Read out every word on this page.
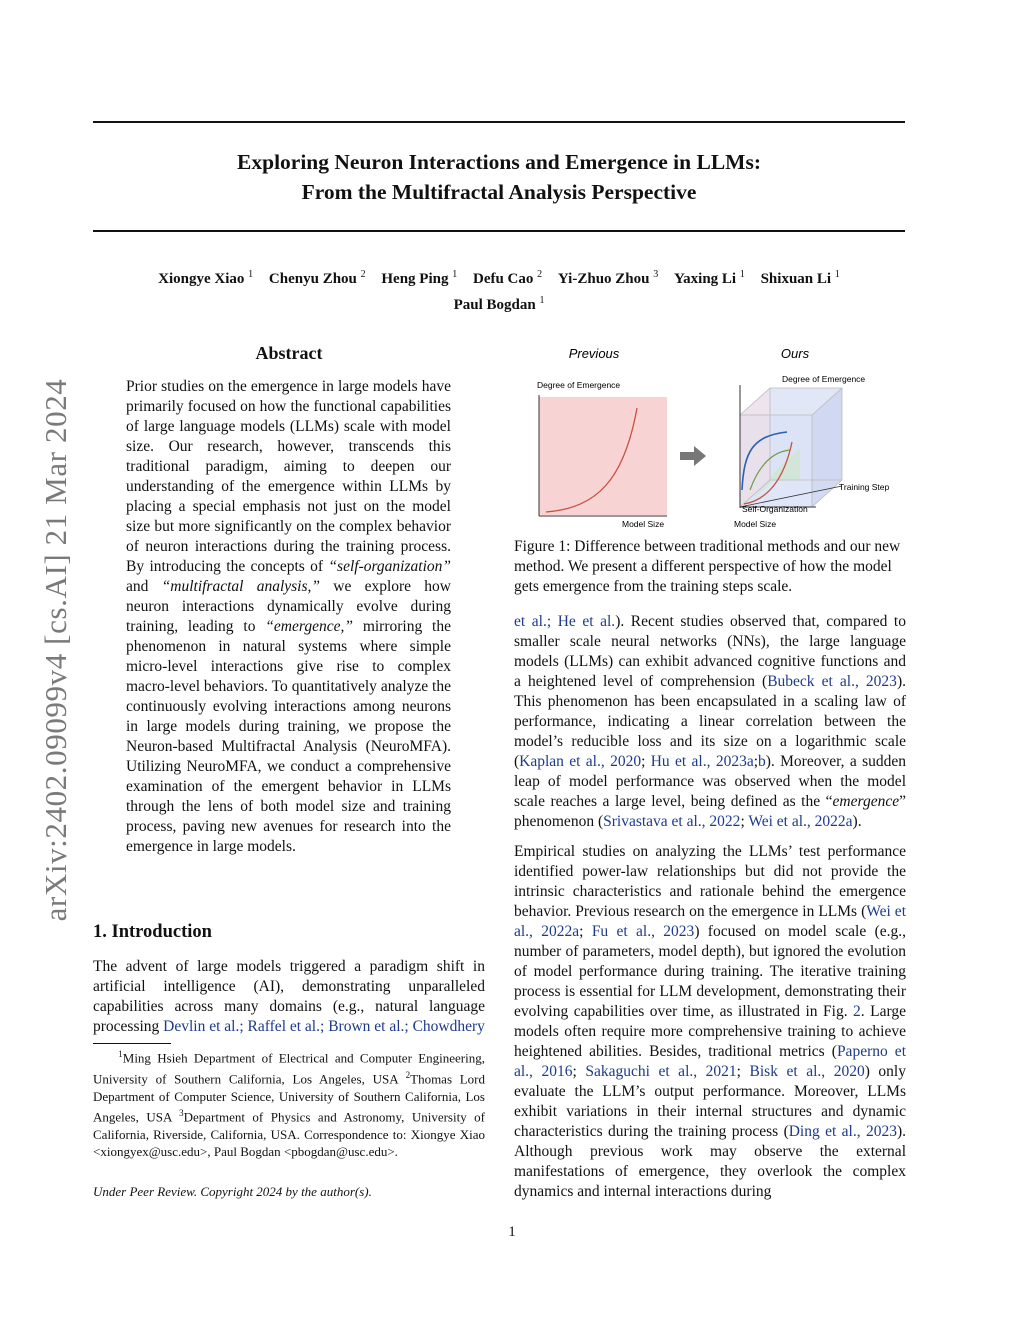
arXiv:2402.09099v4 [cs.AI] 21 Mar 2024
Exploring Neuron Interactions and Emergence in LLMs:
From the Multifractal Analysis Perspective
Xiongye Xiao $^1$ Chenyu Zhou $^2$ Heng Ping $^1$ Defu Cao $^2$ Yi-Zhuo Zhou $^3$ Yaxing Li $^1$ Shixuan Li $^1$
Paul Bogdan $^1$
Abstract
Prior studies on the emergence in large models have primarily focused on how the functional capabilities of large language models (LLMs) scale with model size. Our research, however, transcends this traditional paradigm, aiming to deepen our understanding of the emergence within LLMs by placing a special emphasis not just on the model size but more significantly on the complex behavior of neuron interactions during the training process. By introducing the concepts of “self-organization” and “multifractal analysis,” we explore how neuron interactions dynamically evolve during training, leading to “emergence,” mirroring the phenomenon in natural systems where simple micro-level interactions give rise to complex macro-level behaviors. To quantitatively analyze the continuously evolving interactions among neurons in large models during training, we propose the Neuron-based Multifractal Analysis (NeuroMFA). Utilizing NeuroMFA, we conduct a comprehensive examination of the emergent behavior in LLMs through the lens of both model size and training process, paving new avenues for research into the emergence in large models.
1. Introduction
The advent of large models triggered a paradigm shift in artificial intelligence (AI), demonstrating unparalleled capabilities across many domains (e.g., natural language processing Devlin et al.; Raffel et al.; Brown et al.; Chowdhery
$^1$Ming Hsieh Department of Electrical and Computer Engineering, University of Southern California, Los Angeles, USA $^2$Thomas Lord Department of Computer Science, University of Southern California, Los Angeles, USA $^3$Department of Physics and Astronomy, University of California, Riverside, California, USA. Correspondence to: Xiongye Xiao <xiongyex@usc.edu>, Paul Bogdan <pbogdan@usc.edu>.
Under Peer Review. Copyright 2024 by the author(s).
Previous
Degree of Emergence
Model Size
Ours
Degree of Emergence
Training Step
Self-Organization
Model Size
Figure 1: Difference between traditional methods and our new method. We present a different perspective of how the model gets emergence from the training steps scale.
et al.; He et al.). Recent studies observed that, compared to smaller scale neural networks (NNs), the large language models (LLMs) can exhibit advanced cognitive functions and a heightened level of comprehension (Bubeck et al., 2023). This phenomenon has been encapsulated in a scaling law of performance, indicating a linear correlation between the model’s reducible loss and its size on a logarithmic scale (Kaplan et al., 2020; Hu et al., 2023a;b). Moreover, a sudden leap of model performance was observed when the model scale reaches a large level, being defined as the “emergence” phenomenon (Srivastava et al., 2022; Wei et al., 2022a).
Empirical studies on analyzing the LLMs’ test performance identified power-law relationships but did not provide the intrinsic characteristics and rationale behind the emergence behavior. Previous research on the emergence in LLMs (Wei et al., 2022a; Fu et al., 2023) focused on model scale (e.g., number of parameters, model depth), but ignored the evolution of model performance during training. The iterative training process is essential for LLM development, demonstrating their evolving capabilities over time, as illustrated in Fig. 2. Large models often require more comprehensive training to achieve heightened abilities. Besides, traditional metrics (Paperno et al., 2016; Sakaguchi et al., 2021; Bisk et al., 2020) only evaluate the LLM’s output performance. Moreover, LLMs exhibit variations in their internal structures and dynamic characteristics during the training process (Ding et al., 2023). Although previous work may observe the external manifestations of emergence, they overlook the complex dynamics and internal interactions during
1
